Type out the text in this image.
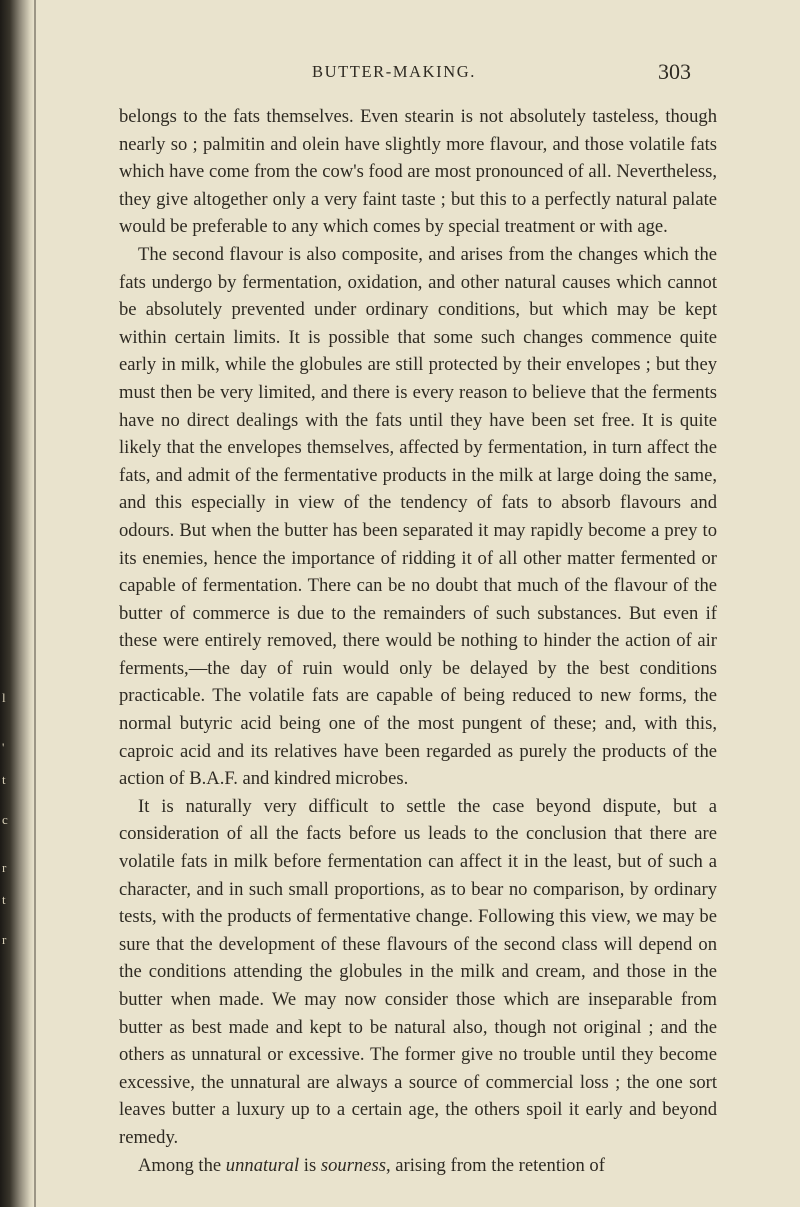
l
'
t
c
r
t
r
BUTTER-MAKING.	303

belongs to the fats themselves. Even stearin is not absolutely tasteless, though nearly so ; palmitin and olein have slightly more flavour, and those volatile fats which have come from the cow's food are most pronounced of all. Nevertheless, they give altogether only a very faint taste ; but this to a perfectly natural palate would be preferable to any which comes by special treatment or with age.

The second flavour is also composite, and arises from the changes which the fats undergo by fermentation, oxidation, and other natural causes which cannot be absolutely prevented under ordinary conditions, but which may be kept within certain limits. It is possible that some such changes commence quite early in milk, while the globules are still protected by their envelopes ; but they must then be very limited, and there is every reason to believe that the ferments have no direct dealings with the fats until they have been set free. It is quite likely that the envelopes themselves, affected by fermentation, in turn affect the fats, and admit of the fermentative products in the milk at large doing the same, and this especially in view of the tendency of fats to absorb flavours and odours. But when the butter has been separated it may rapidly become a prey to its enemies, hence the importance of ridding it of all other matter fermented or capable of fermentation. There can be no doubt that much of the flavour of the butter of commerce is due to the remainders of such substances. But even if these were entirely removed, there would be nothing to hinder the action of air ferments,—the day of ruin would only be delayed by the best conditions practicable. The volatile fats are capable of being reduced to new forms, the normal butyric acid being one of the most pungent of these; and, with this, caproic acid and its relatives have been regarded as purely the products of the action of B.A.F. and kindred microbes.

It is naturally very difficult to settle the case beyond dispute, but a consideration of all the facts before us leads to the conclusion that there are volatile fats in milk before fermentation can affect it in the least, but of such a character, and in such small proportions, as to bear no comparison, by ordinary tests, with the products of fermentative change. Following this view, we may be sure that the development of these flavours of the second class will depend on the conditions attending the globules in the milk and cream, and those in the butter when made. We may now consider those which are inseparable from butter as best made and kept to be natural also, though not original ; and the others as unnatural or excessive. The former give no trouble until they become excessive, the unnatural are always a source of commercial loss ; the one sort leaves butter a luxury up to a certain age, the others spoil it early and beyond remedy.

Among the unnatural is sourness, arising from the retention of
